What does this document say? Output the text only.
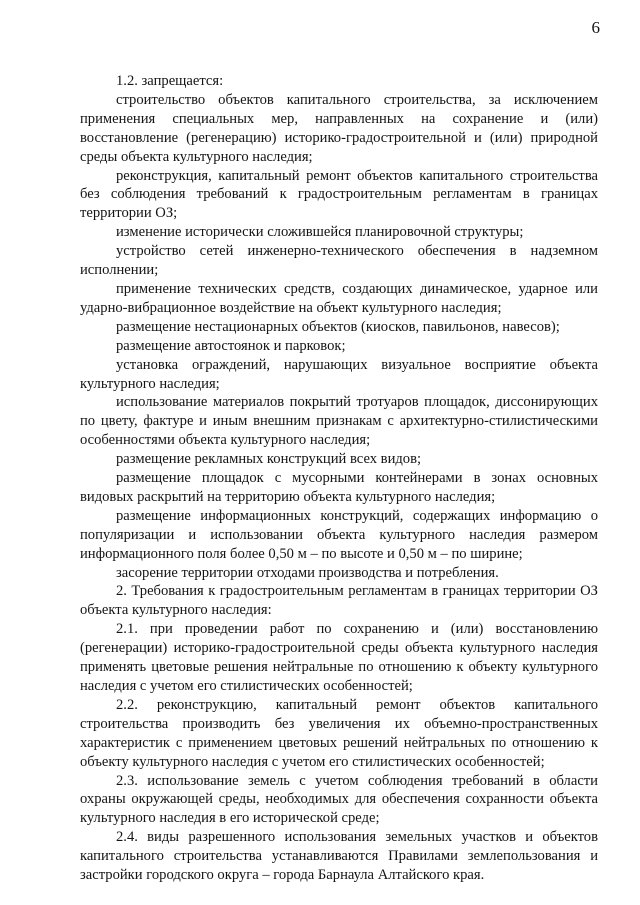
6

1.2. запрещается:

строительство объектов капитального строительства, за исключением применения специальных мер, направленных на сохранение и (или) восстановление (регенерацию) историко-градостроительной и (или) природной среды объекта культурного наследия;

реконструкция, капитальный ремонт объектов капитального строительства без соблюдения требований к градостроительным регламентам в границах территории ОЗ;

изменение исторически сложившейся планировочной структуры;

устройство сетей инженерно-технического обеспечения в надземном исполнении;

применение технических средств, создающих динамическое, ударное или ударно-вибрационное воздействие на объект культурного наследия;

размещение нестационарных объектов (киосков, павильонов, навесов);

размещение автостоянок и парковок;

установка ограждений, нарушающих визуальное восприятие объекта культурного наследия;

использование материалов покрытий тротуаров площадок, диссонирующих по цвету, фактуре и иным внешним признакам с архитектурно-стилистическими особенностями объекта культурного наследия;

размещение рекламных конструкций всех видов;

размещение площадок с мусорными контейнерами в зонах основных видовых раскрытий на территорию объекта культурного наследия;

размещение информационных конструкций, содержащих информацию о популяризации и использовании объекта культурного наследия размером информационного поля более 0,50 м – по высоте и 0,50 м – по ширине;

засорение территории отходами производства и потребления.

2. Требования к градостроительным регламентам в границах территории ОЗ объекта культурного наследия:

2.1. при проведении работ по сохранению и (или) восстановлению (регенерации) историко-градостроительной среды объекта культурного наследия применять цветовые решения нейтральные по отношению к объекту культурного наследия с учетом его стилистических особенностей;

2.2. реконструкцию, капитальный ремонт объектов капитального строительства производить без увеличения их объемно-пространственных характеристик с применением цветовых решений нейтральных по отношению к объекту культурного наследия с учетом его стилистических особенностей;

2.3. использование земель с учетом соблюдения требований в области охраны окружающей среды, необходимых для обеспечения сохранности объекта культурного наследия в его исторической среде;

2.4. виды разрешенного использования земельных участков и объектов капитального строительства устанавливаются Правилами землепользования и застройки городского округа – города Барнаула Алтайского края.
